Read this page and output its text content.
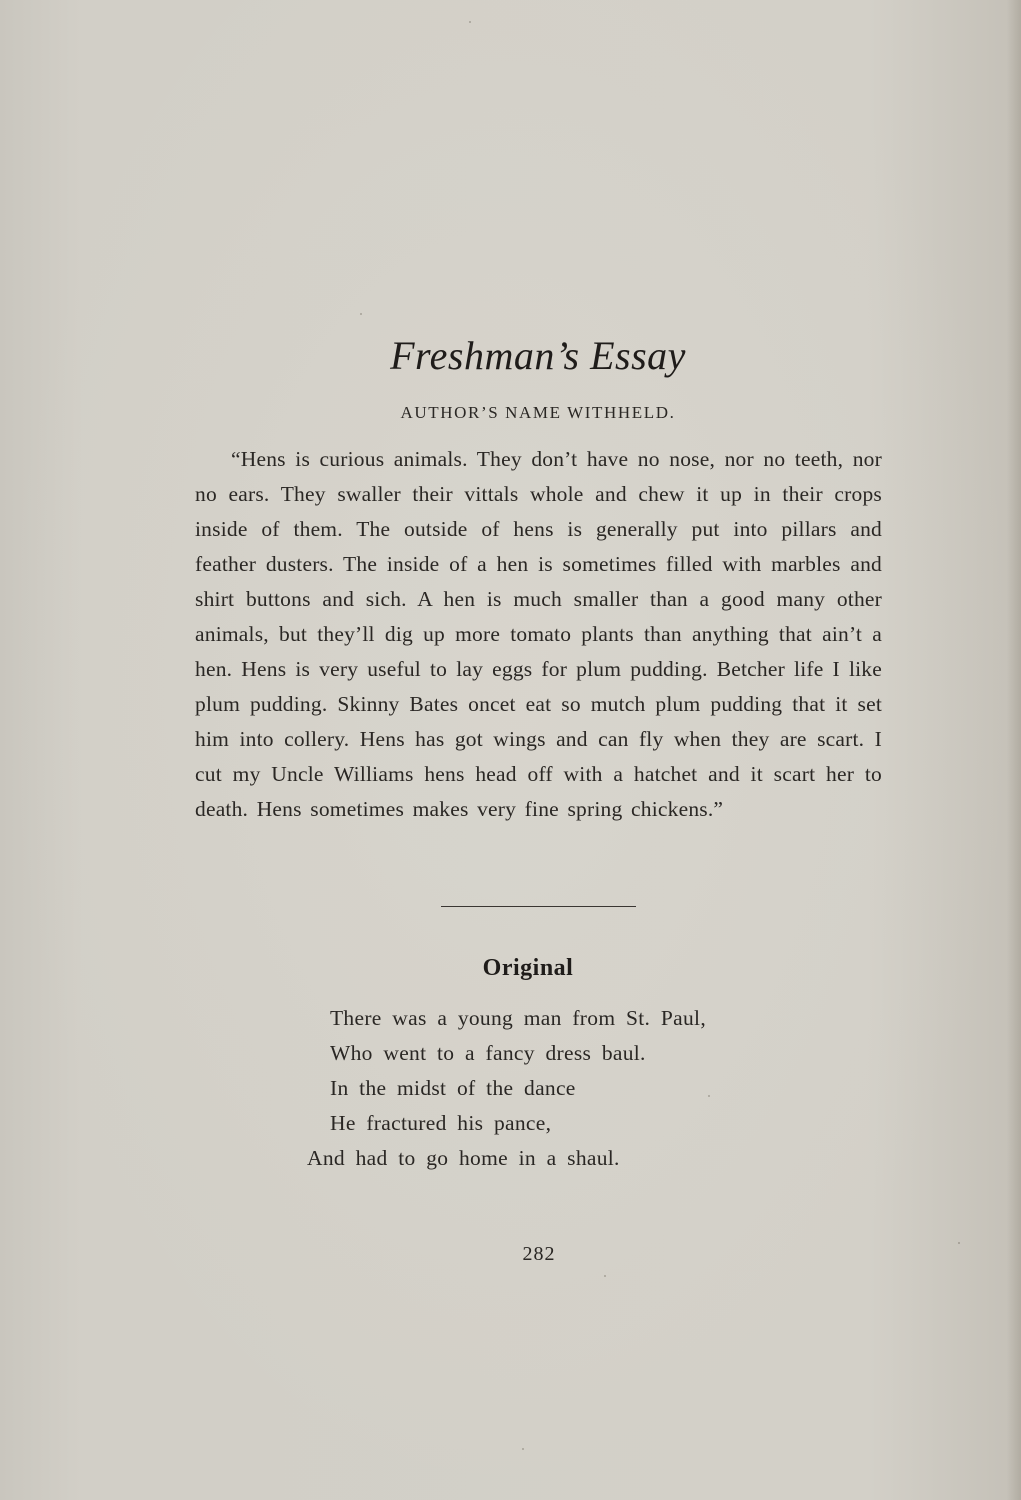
Freshman’s Essay
AUTHOR’S NAME WITHHELD.

“Hens is curious animals. They don’t have no nose, nor no teeth, nor no ears. They swaller their vittals whole and chew it up in their crops inside of them. The outside of hens is generally put into pillars and feather dusters. The inside of a hen is sometimes filled with marbles and shirt buttons and sich. A hen is much smaller than a good many other animals, but they’ll dig up more tomato plants than anything that ain’t a hen. Hens is very useful to lay eggs for plum pudding. Betcher life I like plum pudding. Skinny Bates oncet eat so mutch plum pudding that it set him into collery. Hens has got wings and can fly when they are scart. I cut my Uncle Williams hens head off with a hatchet and it scart her to death. Hens sometimes makes very fine spring chickens.”

Original
There was a young man from St. Paul,
Who went to a fancy dress baul.
In the midst of the dance
He fractured his pance,
And had to go home in a shaul.
282
